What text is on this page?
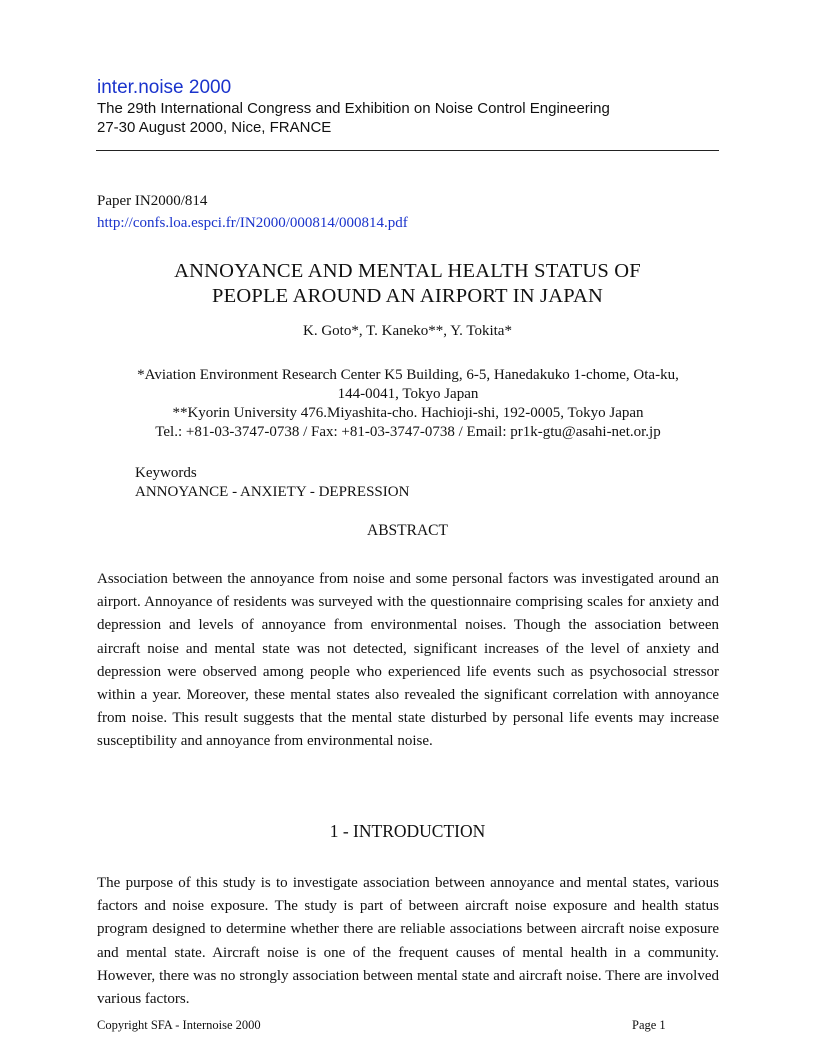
inter.noise 2000
The 29th International Congress and Exhibition on Noise Control Engineering
27-30 August 2000, Nice, FRANCE
Paper IN2000/814
http://confs.loa.espci.fr/IN2000/000814/000814.pdf
ANNOYANCE AND MENTAL HEALTH STATUS OF
PEOPLE AROUND AN AIRPORT IN JAPAN
K. Goto*, T. Kaneko**, Y. Tokita*
*Aviation Environment Research Center K5 Building, 6-5, Hanedakuko 1-chome, Ota-ku,
144-0041, Tokyo Japan
**Kyorin University 476.Miyashita-cho. Hachioji-shi, 192-0005, Tokyo Japan
Tel.: +81-03-3747-0738 / Fax: +81-03-3747-0738 / Email: pr1k-gtu@asahi-net.or.jp
Keywords
ANNOYANCE - ANXIETY - DEPRESSION
ABSTRACT
Association between the annoyance from noise and some personal factors was investigated around an airport. Annoyance of residents was surveyed with the questionnaire comprising scales for anxiety and depression and levels of annoyance from environmental noises. Though the association between aircraft noise and mental state was not detected, significant increases of the level of anxiety and depression were observed among people who experienced life events such as psychosocial stressor within a year. Moreover, these mental states also revealed the significant correlation with annoyance from noise. This result suggests that the mental state disturbed by personal life events may increase susceptibility and annoyance from environmental noise.
1 - INTRODUCTION
The purpose of this study is to investigate association between annoyance and mental states, various factors and noise exposure. The study is part of between aircraft noise exposure and health status program designed to determine whether there are reliable associations between aircraft noise exposure and mental state. Aircraft noise is one of the frequent causes of mental health in a community. However, there was no strongly association between mental state and aircraft noise. There are involved various factors.
Copyright SFA - Internoise 2000	Page 1
